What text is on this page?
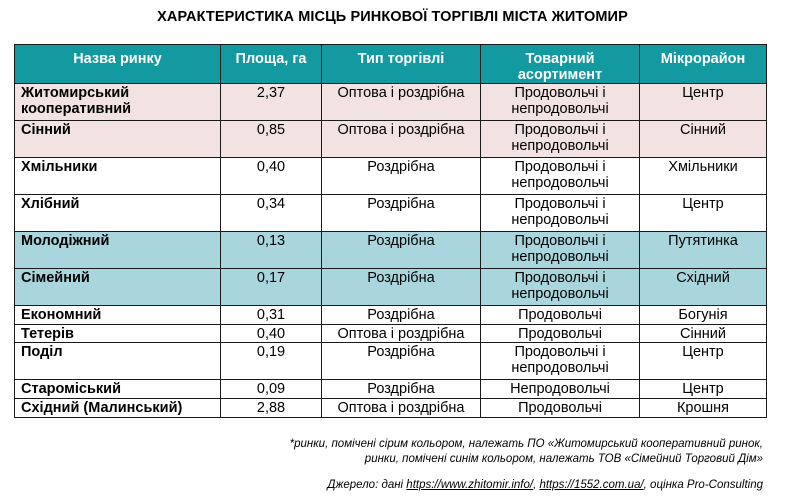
ХАРАКТЕРИСТИКА МІСЦЬ РИНКОВОЇ ТОРГІВЛІ МІСТА ЖИТОМИР
Назва ринку	Площа, га	Тип торгівлі	Товарний асортимент	Мікрорайон
Житомирський кооперативний	2,37	Оптова і роздрібна	Продовольчі і непродовольчі	Центр
Сінний	0,85	Оптова і роздрібна	Продовольчі і непродовольчі	Сінний
Хмільники	0,40	Роздрібна	Продовольчі і непродовольчі	Хмільники
Хлібний	0,34	Роздрібна	Продовольчі і непродовольчі	Центр
Молодіжний	0,13	Роздрібна	Продовольчі і непродовольчі	Путятинка
Сімейний	0,17	Роздрібна	Продовольчі і непродовольчі	Східний
Економний	0,31	Роздрібна	Продовольчі	Богунія
Тетерів	0,40	Оптова і роздрібна	Продовольчі	Сінний
Поділ	0,19	Роздрібна	Продовольчі і непродовольчі	Центр
Староміський	0,09	Роздрібна	Непродовольчі	Центр
Східний (Малинський)	2,88	Оптова і роздрібна	Продовольчі	Крошня
*ринки, помічені сірим кольором, належать ПО «Житомирський кооперативний ринок,
ринки, помічені синім кольором, належать ТОВ «Сімейний Торговий Дім»
Джерело: дані https://www.zhitomir.info/, https://1552.com.ua/, оцінка Pro-Consulting
